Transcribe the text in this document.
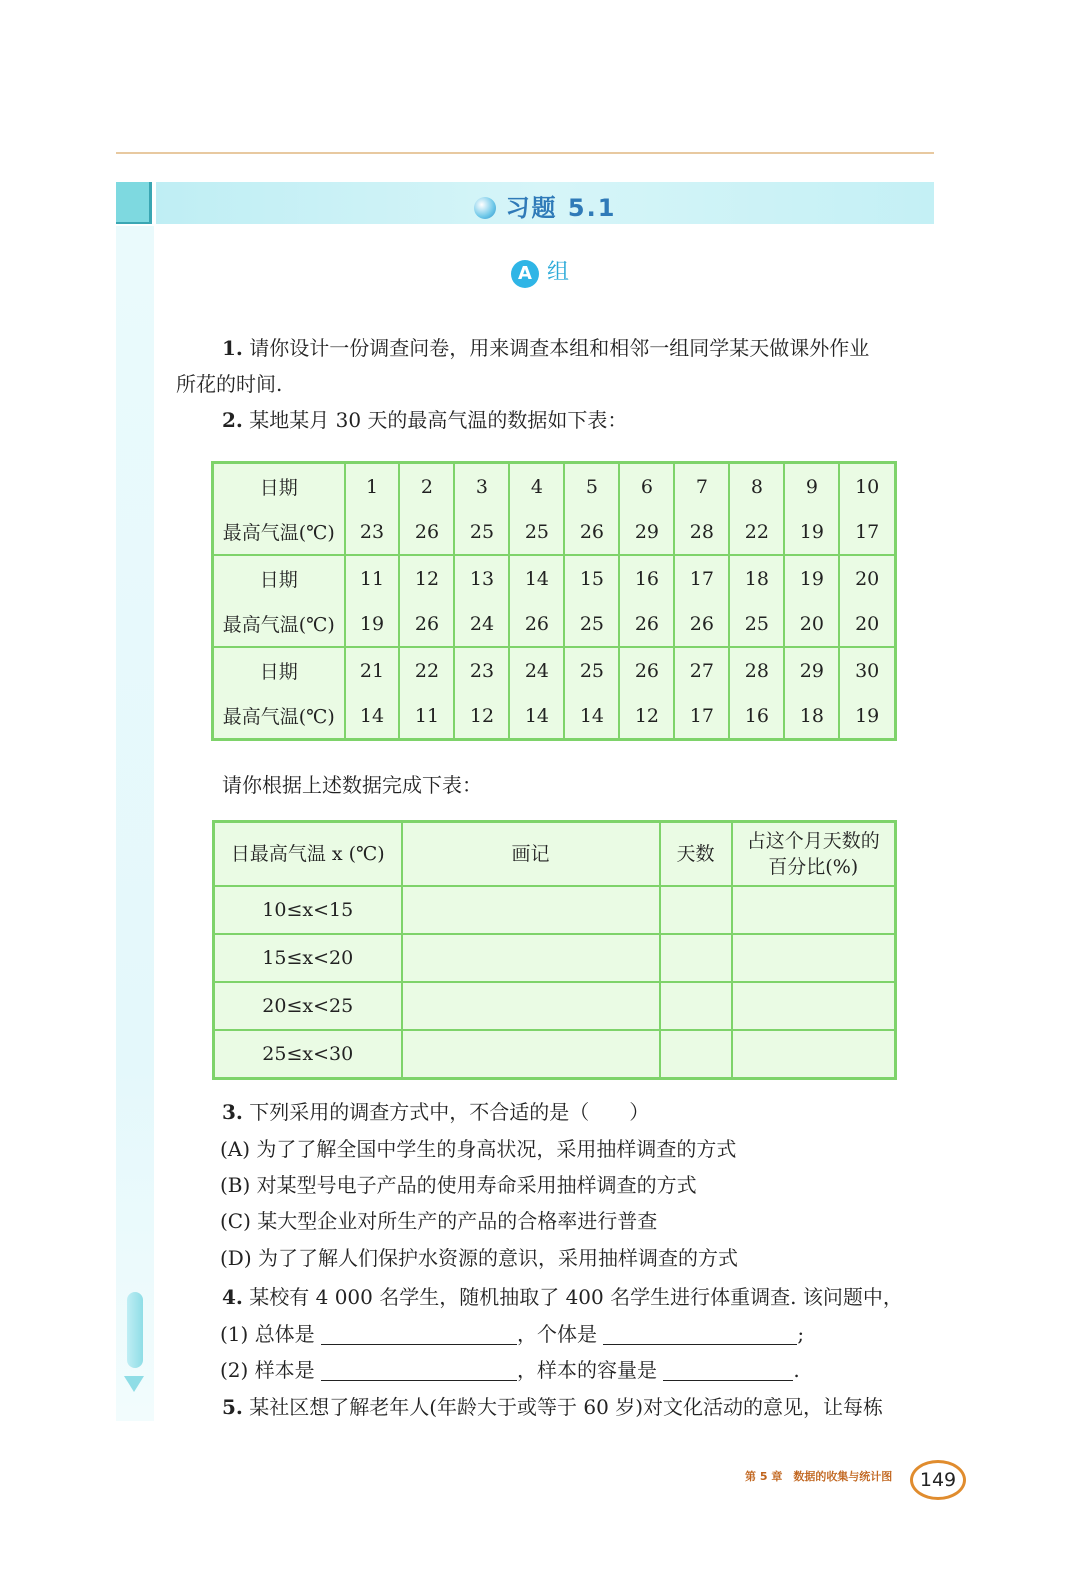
习题 5.1
A 组
1. 请你设计一份调查问卷，用来调查本组和相邻一组同学某天做课外作业
所花的时间.
2. 某地某月 30 天的最高气温的数据如下表：
日期	1	2	3	4	5	6	7	8	9	10
最高气温(℃)	23	26	25	25	26	29	28	22	19	17
日期	11	12	13	14	15	16	17	18	19	20
最高气温(℃)	19	26	24	26	25	26	26	25	20	20
日期	21	22	23	24	25	26	27	28	29	30
最高气温(℃)	14	11	12	14	14	12	17	16	18	19
请你根据上述数据完成下表：
日最高气温 x (℃)	画记	天数	占这个月天数的
百分比(%)
10≤x<15			
15≤x<20			
20≤x<25			
25≤x<30			
3. 下列采用的调查方式中，不合适的是（　　）
(A) 为了了解全国中学生的身高状况，采用抽样调查的方式
(B) 对某型号电子产品的使用寿命采用抽样调查的方式
(C) 某大型企业对所生产的产品的合格率进行普查
(D) 为了了解人们保护水资源的意识，采用抽样调查的方式
4. 某校有 4 000 名学生，随机抽取了 400 名学生进行体重调查. 该问题中，
(1) 总体是	，个体是	;
(2) 样本是	，样本的容量是	.
5. 某社区想了解老年人(年龄大于或等于 60 岁)对文化活动的意见，让每栋
第 5 章　数据的收集与统计图	149
